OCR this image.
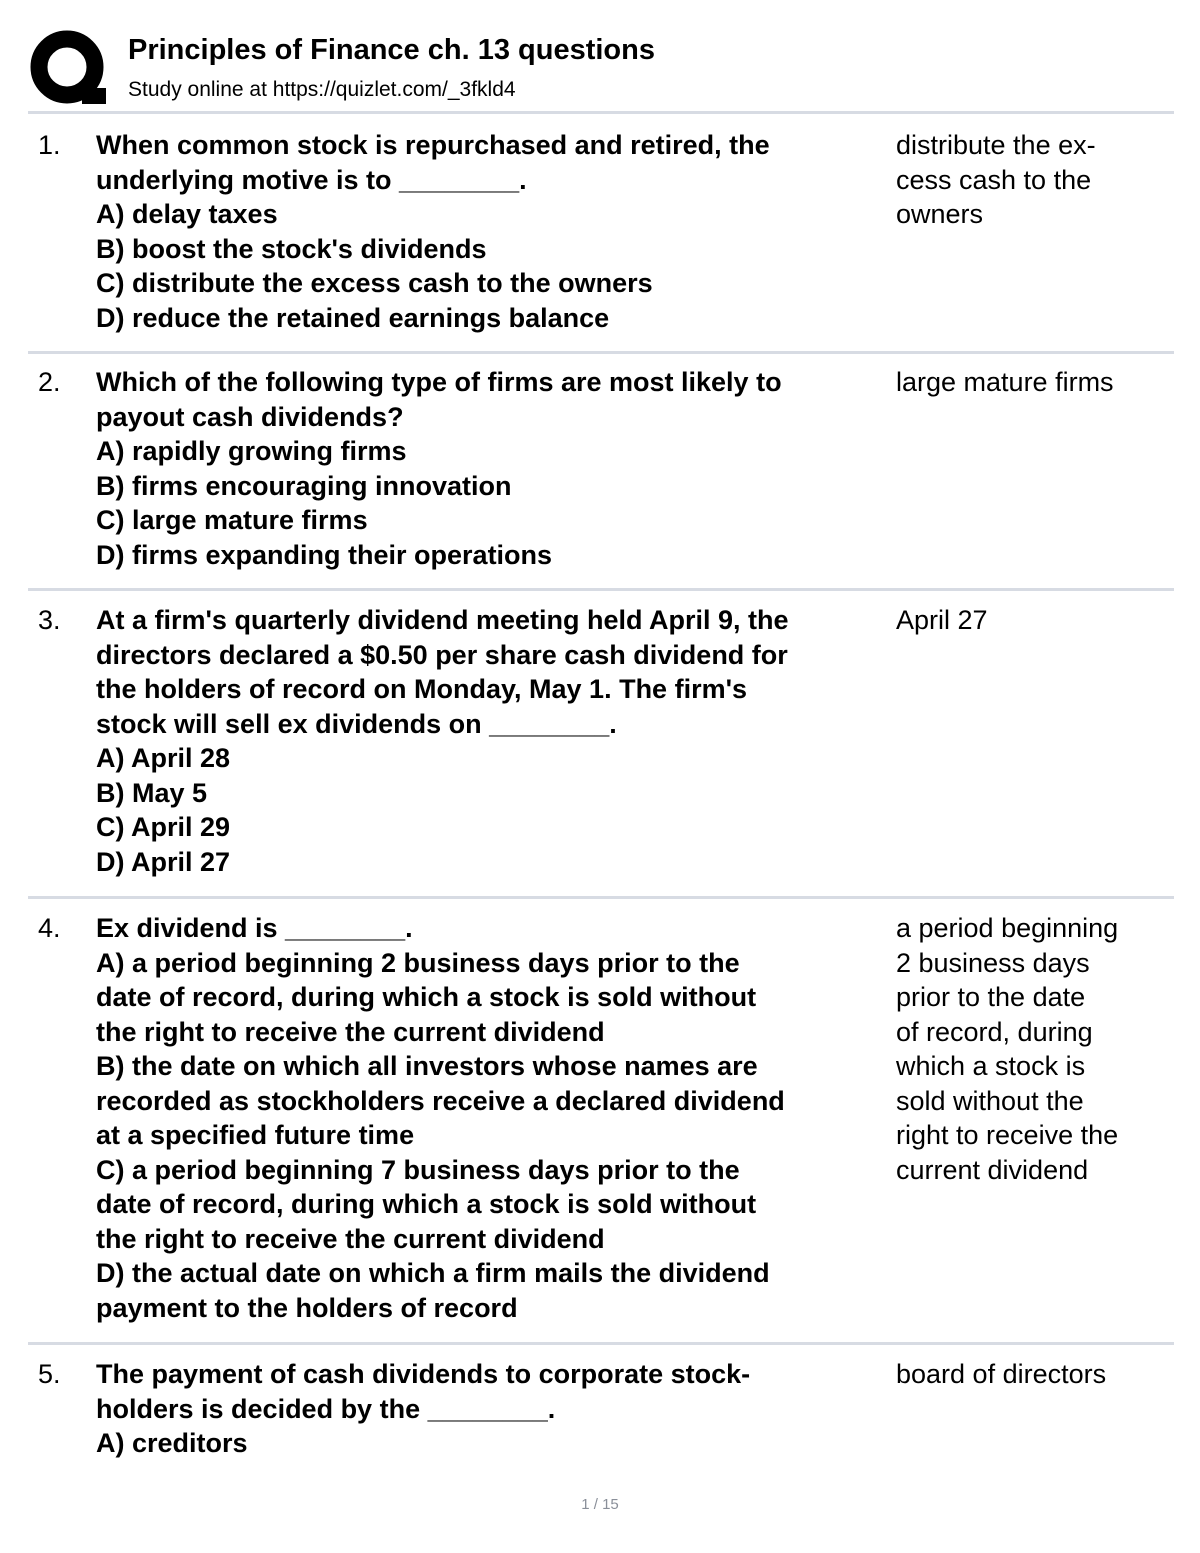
Principles of Finance ch. 13 questions
Study online at https://quizlet.com/_3fkld4
1. When common stock is repurchased and retired, the
underlying motive is to ________.
A) delay taxes
B) boost the stock's dividends
C) distribute the excess cash to the owners
D) reduce the retained earnings balance
distribute the ex-
cess cash to the
owners
2. Which of the following type of firms are most likely to
payout cash dividends?
A) rapidly growing firms
B) firms encouraging innovation
C) large mature firms
D) firms expanding their operations
large mature firms
3. At a firm's quarterly dividend meeting held April 9, the
directors declared a $0.50 per share cash dividend for
the holders of record on Monday, May 1. The firm's
stock will sell ex dividends on ________.
A) April 28
B) May 5
C) April 29
D) April 27
April 27
4. Ex dividend is ________.
A) a period beginning 2 business days prior to the
date of record, during which a stock is sold without
the right to receive the current dividend
B) the date on which all investors whose names are
recorded as stockholders receive a declared dividend
at a specified future time
C) a period beginning 7 business days prior to the
date of record, during which a stock is sold without
the right to receive the current dividend
D) the actual date on which a firm mails the dividend
payment to the holders of record
a period beginning
2 business days
prior to the date
of record, during
which a stock is
sold without the
right to receive the
current dividend
5. The payment of cash dividends to corporate stock-
holders is decided by the ________.
A) creditors
board of directors
1 / 15
